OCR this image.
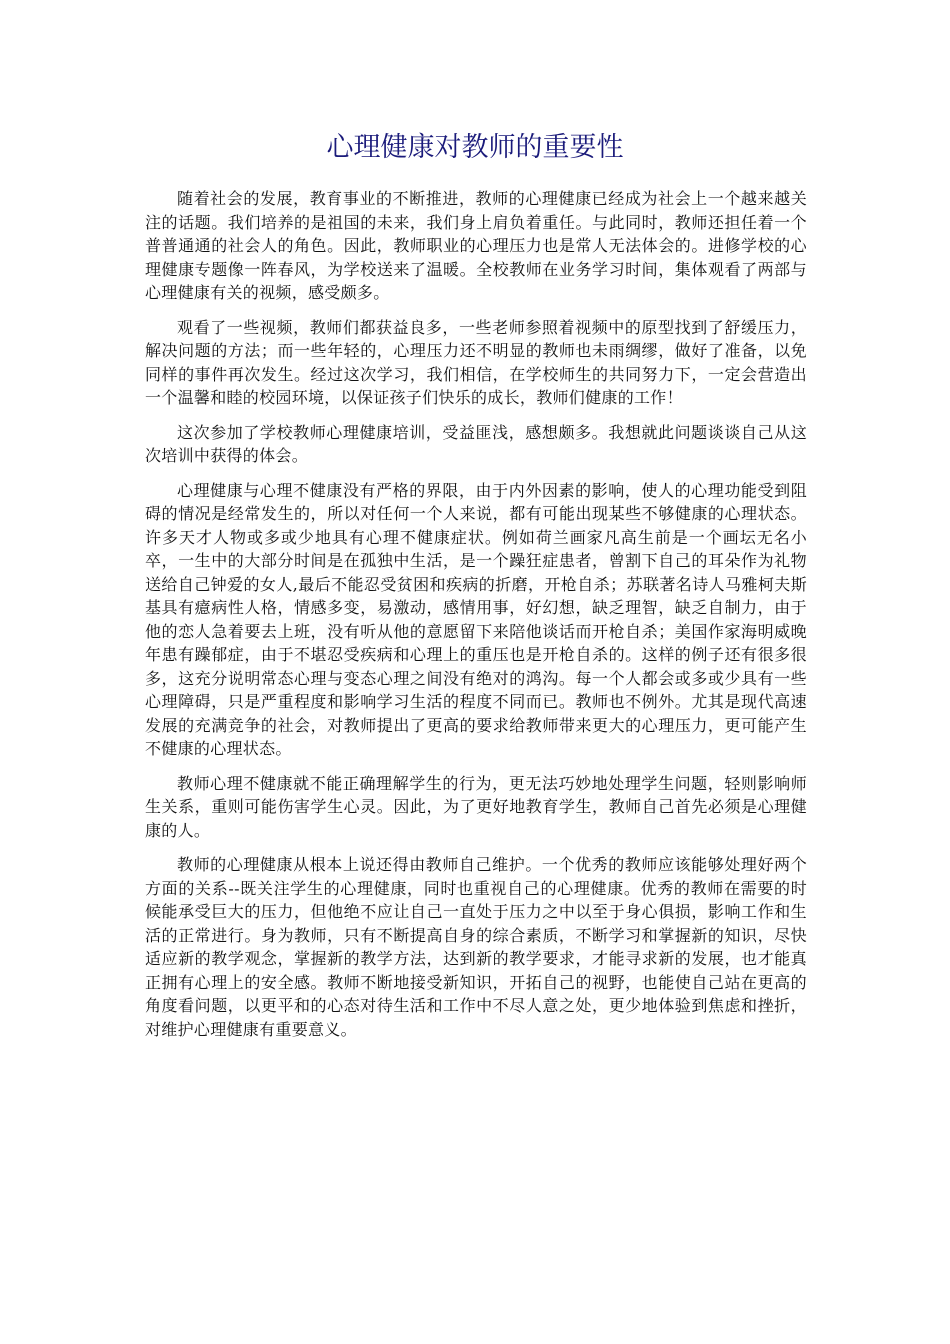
心理健康对教师的重要性

随着社会的发展，教育事业的不断推进，教师的心理健康已经成为社会上一个越来越关注的话题。我们培养的是祖国的未来，我们身上肩负着重任。与此同时，教师还担任着一个普普通通的社会人的角色。因此，教师职业的心理压力也是常人无法体会的。进修学校的心理健康专题像一阵春风，为学校送来了温暖。全校教师在业务学习时间，集体观看了两部与心理健康有关的视频，感受颇多。

观看了一些视频，教师们都获益良多，一些老师参照着视频中的原型找到了舒缓压力，解决问题的方法；而一些年轻的，心理压力还不明显的教师也未雨绸缪，做好了准备，以免同样的事件再次发生。经过这次学习，我们相信，在学校师生的共同努力下，一定会营造出一个温馨和睦的校园环境，以保证孩子们快乐的成长，教师们健康的工作！

这次参加了学校教师心理健康培训，受益匪浅，感想颇多。我想就此问题谈谈自己从这次培训中获得的体会。

心理健康与心理不健康没有严格的界限，由于内外因素的影响，使人的心理功能受到阻碍的情况是经常发生的，所以对任何一个人来说，都有可能出现某些不够健康的心理状态。许多天才人物或多或少地具有心理不健康症状。例如荷兰画家凡高生前是一个画坛无名小卒，一生中的大部分时间是在孤独中生活，是一个躁狂症患者，曾割下自己的耳朵作为礼物送给自己钟爱的女人,最后不能忍受贫困和疾病的折磨，开枪自杀；苏联著名诗人马雅柯夫斯基具有癔病性人格，情感多变，易激动，感情用事，好幻想，缺乏理智，缺乏自制力，由于他的恋人急着要去上班，没有听从他的意愿留下来陪他谈话而开枪自杀；美国作家海明威晚年患有躁郁症，由于不堪忍受疾病和心理上的重压也是开枪自杀的。这样的例子还有很多很多，这充分说明常态心理与变态心理之间没有绝对的鸿沟。每一个人都会或多或少具有一些心理障碍，只是严重程度和影响学习生活的程度不同而已。教师也不例外。尤其是现代高速发展的充满竞争的社会，对教师提出了更高的要求给教师带来更大的心理压力，更可能产生不健康的心理状态。

教师心理不健康就不能正确理解学生的行为，更无法巧妙地处理学生问题，轻则影响师生关系，重则可能伤害学生心灵。因此，为了更好地教育学生，教师自己首先必须是心理健康的人。

教师的心理健康从根本上说还得由教师自己维护。一个优秀的教师应该能够处理好两个方面的关系--既关注学生的心理健康，同时也重视自己的心理健康。优秀的教师在需要的时候能承受巨大的压力，但他绝不应让自己一直处于压力之中以至于身心俱损，影响工作和生活的正常进行。身为教师，只有不断提高自身的综合素质，不断学习和掌握新的知识，尽快适应新的教学观念，掌握新的教学方法，达到新的教学要求，才能寻求新的发展，也才能真正拥有心理上的安全感。教师不断地接受新知识，开拓自己的视野，也能使自己站在更高的角度看问题，以更平和的心态对待生活和工作中不尽人意之处，更少地体验到焦虑和挫折，对维护心理健康有重要意义。
